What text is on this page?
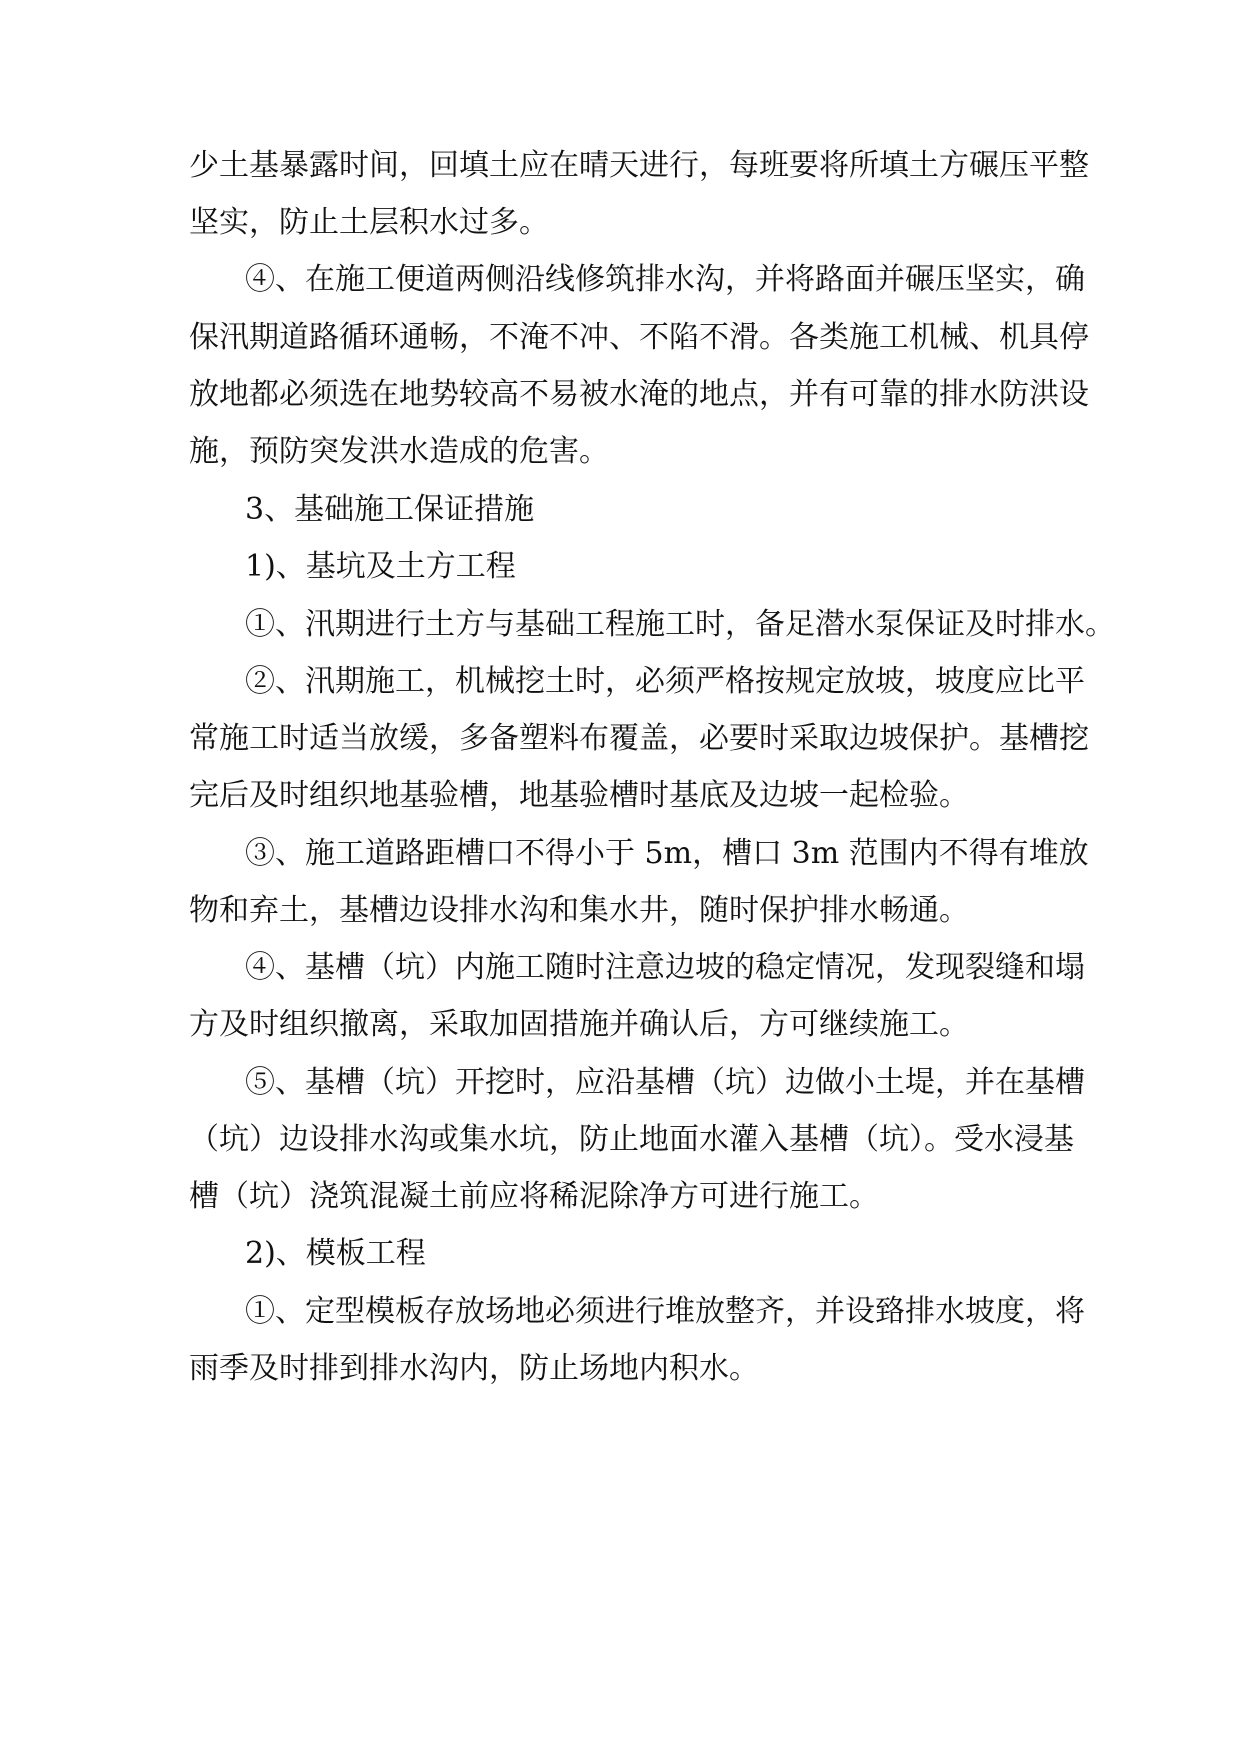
少土基暴露时间，回填土应在晴天进行，每班要将所填土方碾压平整
坚实，防止土层积水过多。
④、在施工便道两侧沿线修筑排水沟，并将路面并碾压坚实，确
保汛期道路循环通畅，不淹不冲、不陷不滑。各类施工机械、机具停
放地都必须选在地势较高不易被水淹的地点，并有可靠的排水防洪设
施，预防突发洪水造成的危害。
3、基础施工保证措施
1)、基坑及土方工程
①、汛期进行土方与基础工程施工时，备足潜水泵保证及时排水。
②、汛期施工，机械挖土时，必须严格按规定放坡，坡度应比平
常施工时适当放缓，多备塑料布覆盖，必要时采取边坡保护。基槽挖
完后及时组织地基验槽，地基验槽时基底及边坡一起检验。
③、施工道路距槽口不得小于 5m，槽口 3m 范围内不得有堆放
物和弃土，基槽边设排水沟和集水井，随时保护排水畅通。
④、基槽（坑）内施工随时注意边坡的稳定情况，发现裂缝和塌
方及时组织撤离，采取加固措施并确认后，方可继续施工。
⑤、基槽（坑）开挖时，应沿基槽（坑）边做小土堤，并在基槽
（坑）边设排水沟或集水坑，防止地面水灌入基槽（坑）。受水浸基
槽（坑）浇筑混凝土前应将稀泥除净方可进行施工。
2)、模板工程
①、定型模板存放场地必须进行堆放整齐，并设臵排水坡度，将
雨季及时排到排水沟内，防止场地内积水。
